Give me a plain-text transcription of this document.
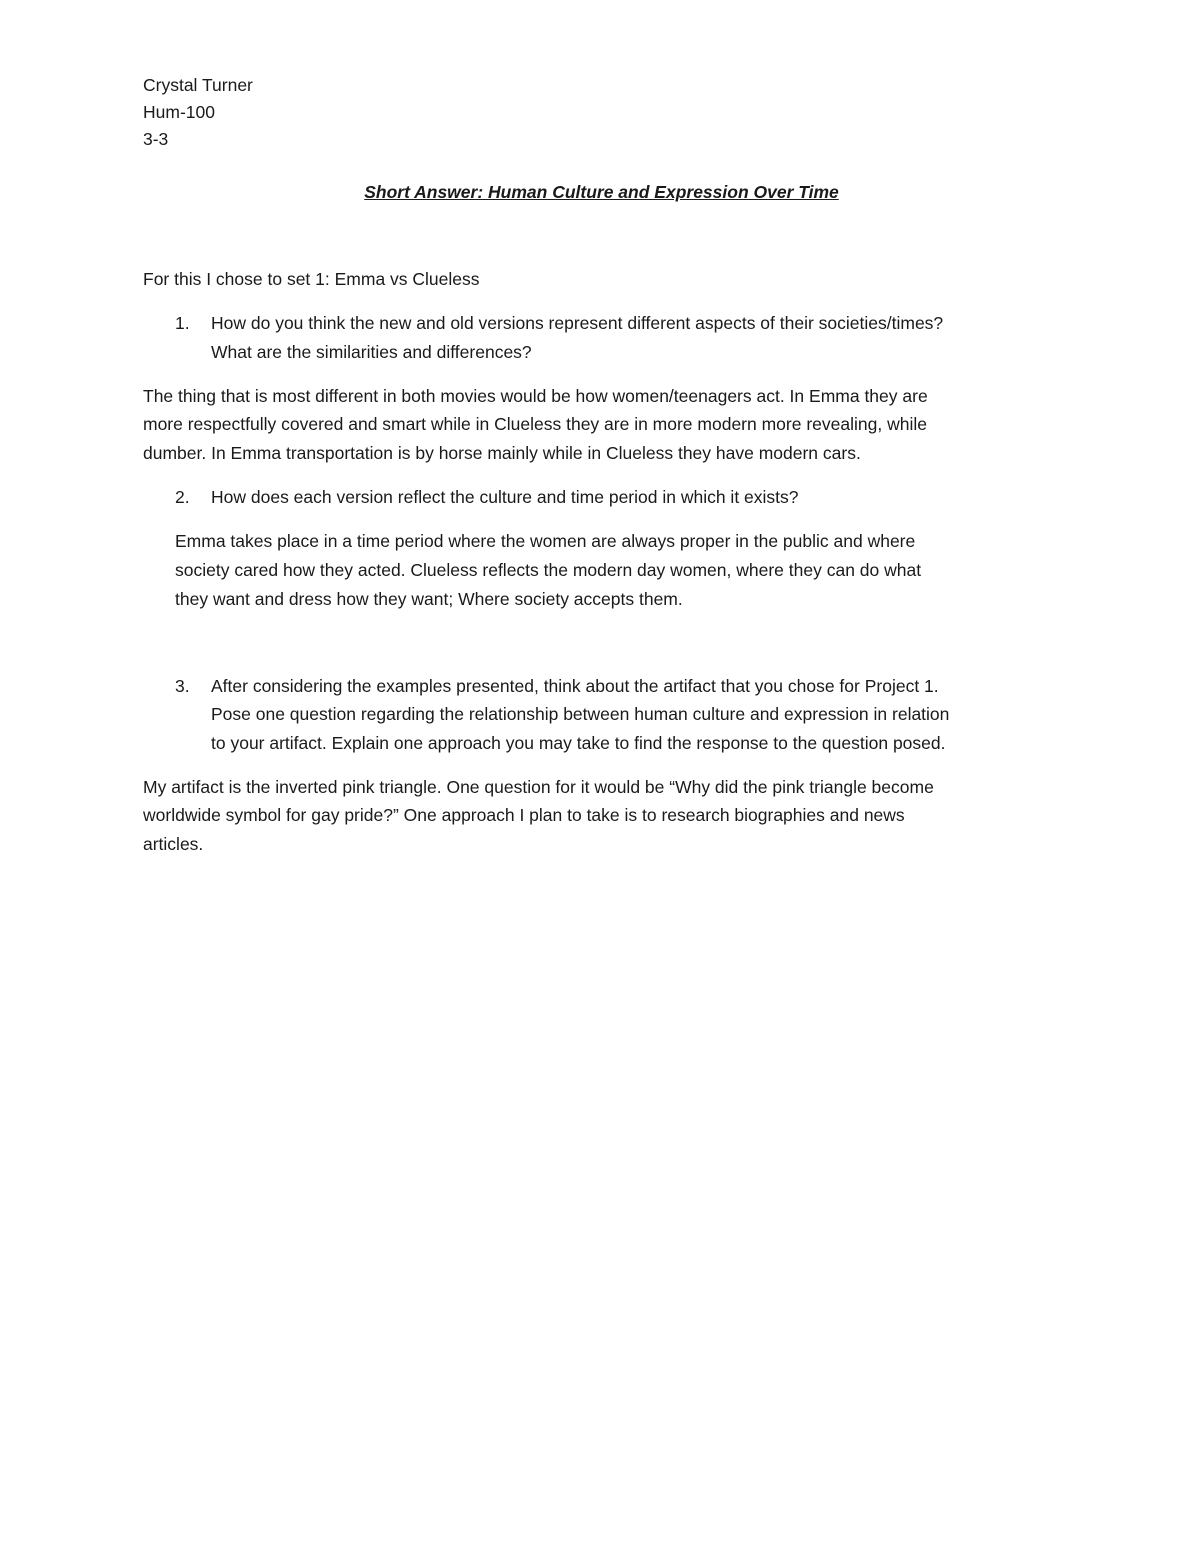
Crystal Turner
Hum-100
3-3
Short Answer: Human Culture and Expression Over Time
For this I chose to set 1: Emma vs Clueless
1. How do you think the new and old versions represent different aspects of their societies/times?
What are the similarities and differences?
The thing that is most different in both movies would be how women/teenagers act. In Emma they are
more respectfully covered and smart while in Clueless they are in more modern more revealing, while
dumber. In Emma transportation is by horse mainly while in Clueless they have modern cars.
2. How does each version reflect the culture and time period in which it exists?
Emma takes place in a time period where the women are always proper in the public and where
society cared how they acted. Clueless reflects the modern day women, where they can do what
they want and dress how they want; Where society accepts them.
3. After considering the examples presented, think about the artifact that you chose for Project 1.
Pose one question regarding the relationship between human culture and expression in relation
to your artifact. Explain one approach you may take to find the response to the question posed.
My artifact is the inverted pink triangle. One question for it would be “Why did the pink triangle become
worldwide symbol for gay pride?” One approach I plan to take is to research biographies and news
articles.
